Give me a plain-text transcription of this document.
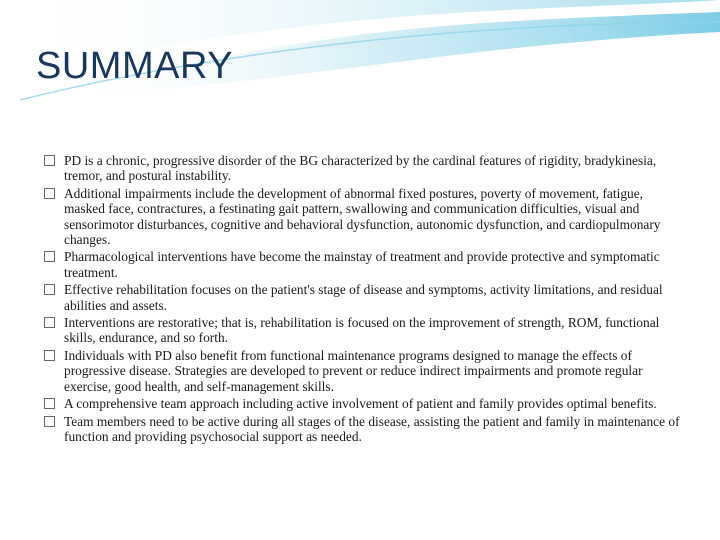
SUMMARY
PD is a chronic, progressive disorder of the BG characterized by the cardinal features of rigidity, bradykinesia, tremor, and postural instability.
Additional impairments include the development of abnormal fixed postures, poverty of movement, fatigue, masked face, contractures, a festinating gait pattern, swallowing and communication difficulties, visual and sensorimotor disturbances, cognitive and behavioral dysfunction, autonomic dysfunction, and cardiopulmonary changes.
Pharmacological interventions have become the mainstay of treatment and provide protective and symptomatic treatment.
Effective rehabilitation focuses on the patient's stage of disease and symptoms, activity limitations, and residual abilities and assets.
Interventions are restorative; that is, rehabilitation is focused on the improvement of strength, ROM, functional skills, endurance, and so forth.
Individuals with PD also benefit from functional maintenance programs designed to manage the effects of progressive disease. Strategies are developed to prevent or reduce indirect impairments and promote regular exercise, good health, and self-management skills.
A comprehensive team approach including active involvement of patient and family provides optimal benefits.
Team members need to be active during all stages of the disease, assisting the patient and family in maintenance of function and providing psychosocial support as needed.
